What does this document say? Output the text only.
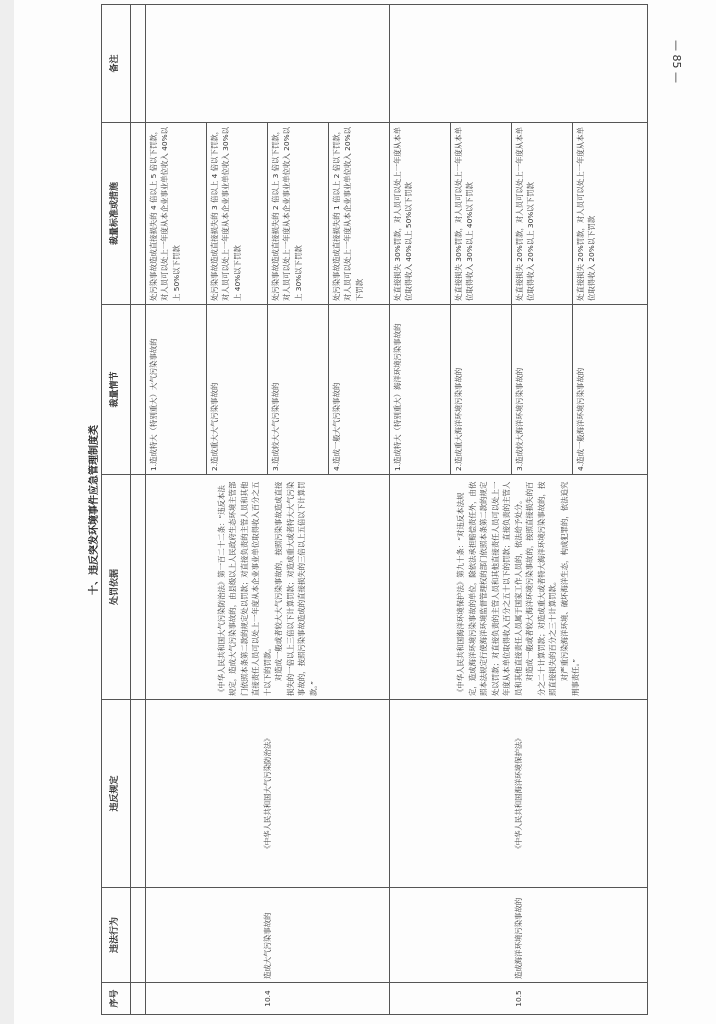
十、违反突发环境事件应急管理制度类
序号	违法行为	违反规定	处罚依据	裁量情节	裁量标准或措施	备注

10.4	造成大气污染事故的	《中华人民共和国大气污染防治法》	《中华人民共和国大气污染防治法》第一百二十二条：“违反本法规定，造成大气污染事故的，由县级以上人民政府生态环境主管部门依照本条第二款的规定处以罚款；对直接负责的主管人员和其他直接责任人员可以处上一年度从本企业事业单位取得收入百分之五十以下的罚款。 对造成一般或者较大大气污染事故的，按照污染事故造成直接损失的一倍以上三倍以下计算罚款；对造成重大或者特大大气污染事故的，按照污染事故造成的直接损失的三倍以上五倍以下计算罚款。”	1.造成特大（特别重大）大气污染事故的	处污染事故造成直接损失的 4 倍以上 5 倍以下罚款，对人员可以处上一年度从本企业事业单位收入 40%以上 50%以下罚款	
				2.造成重大大气污染事故的	处污染事故造成直接损失的 3 倍以上 4 倍以下罚款，对人员可以处上一年度从本企业事业单位收入 30%以上 40%以下罚款	
				3.造成较大大气污染事故的	处污染事故造成直接损失的 2 倍以上 3 倍以下罚款，对人员可以处上一年度从本企业事业单位收入 20%以上 30%以下罚款	
				4.造成一般大气污染事故的	处污染事故造成直接损失的 1 倍以上 2 倍以下罚款，对人员可以处上一年度从本企业事业单位收入 20%以下罚款	
10.5	造成海洋环境污染事故的	《中华人民共和国海洋环境保护法》	《中华人民共和国海洋环境保护法》第九十条：“对违反本法规定，造成海洋环境污染事故的单位，除依法承担赔偿责任外，由依照本法规定行使海洋环境监督管理权的部门依照本条第二款的规定处以罚款；对直接负责的主管人员和其他直接责任人员可以处上一年度从本单位取得收入百分之五十以下的罚款；直接负责的主管人员和其他直接责任人员属于国家工作人员的，依法给予处分。 对造成一般或者较大海洋环境污染事故的，按照直接损失的百分之二十计算罚款；对造成重大或者特大海洋环境污染事故的，按照直接损失的百分之三十计算罚款。 对严重污染海洋环境、破坏海洋生态，构成犯罪的，依法追究刑事责任。”	1.造成特大（特别重大）海洋环境污染事故的	处直接损失 30%罚款，对人员可以处上一年度从本单位取得收入 40%以上 50%以下罚款	
				2.造成重大海洋环境污染事故的	处直接损失 30%罚款，对人员可以处上一年度从本单位取得收入 30%以上 40%以下罚款	
				3.造成较大海洋环境污染事故的	处直接损失 20%罚款，对人员可以处上一年度从本单位取得收入 20%以上 30%以下罚款	
				4.造成一般海洋环境污染事故的	处直接损失 20%罚款，对人员可以处上一年度从本单位取得收入 20%以下罚款	
— 85 —
